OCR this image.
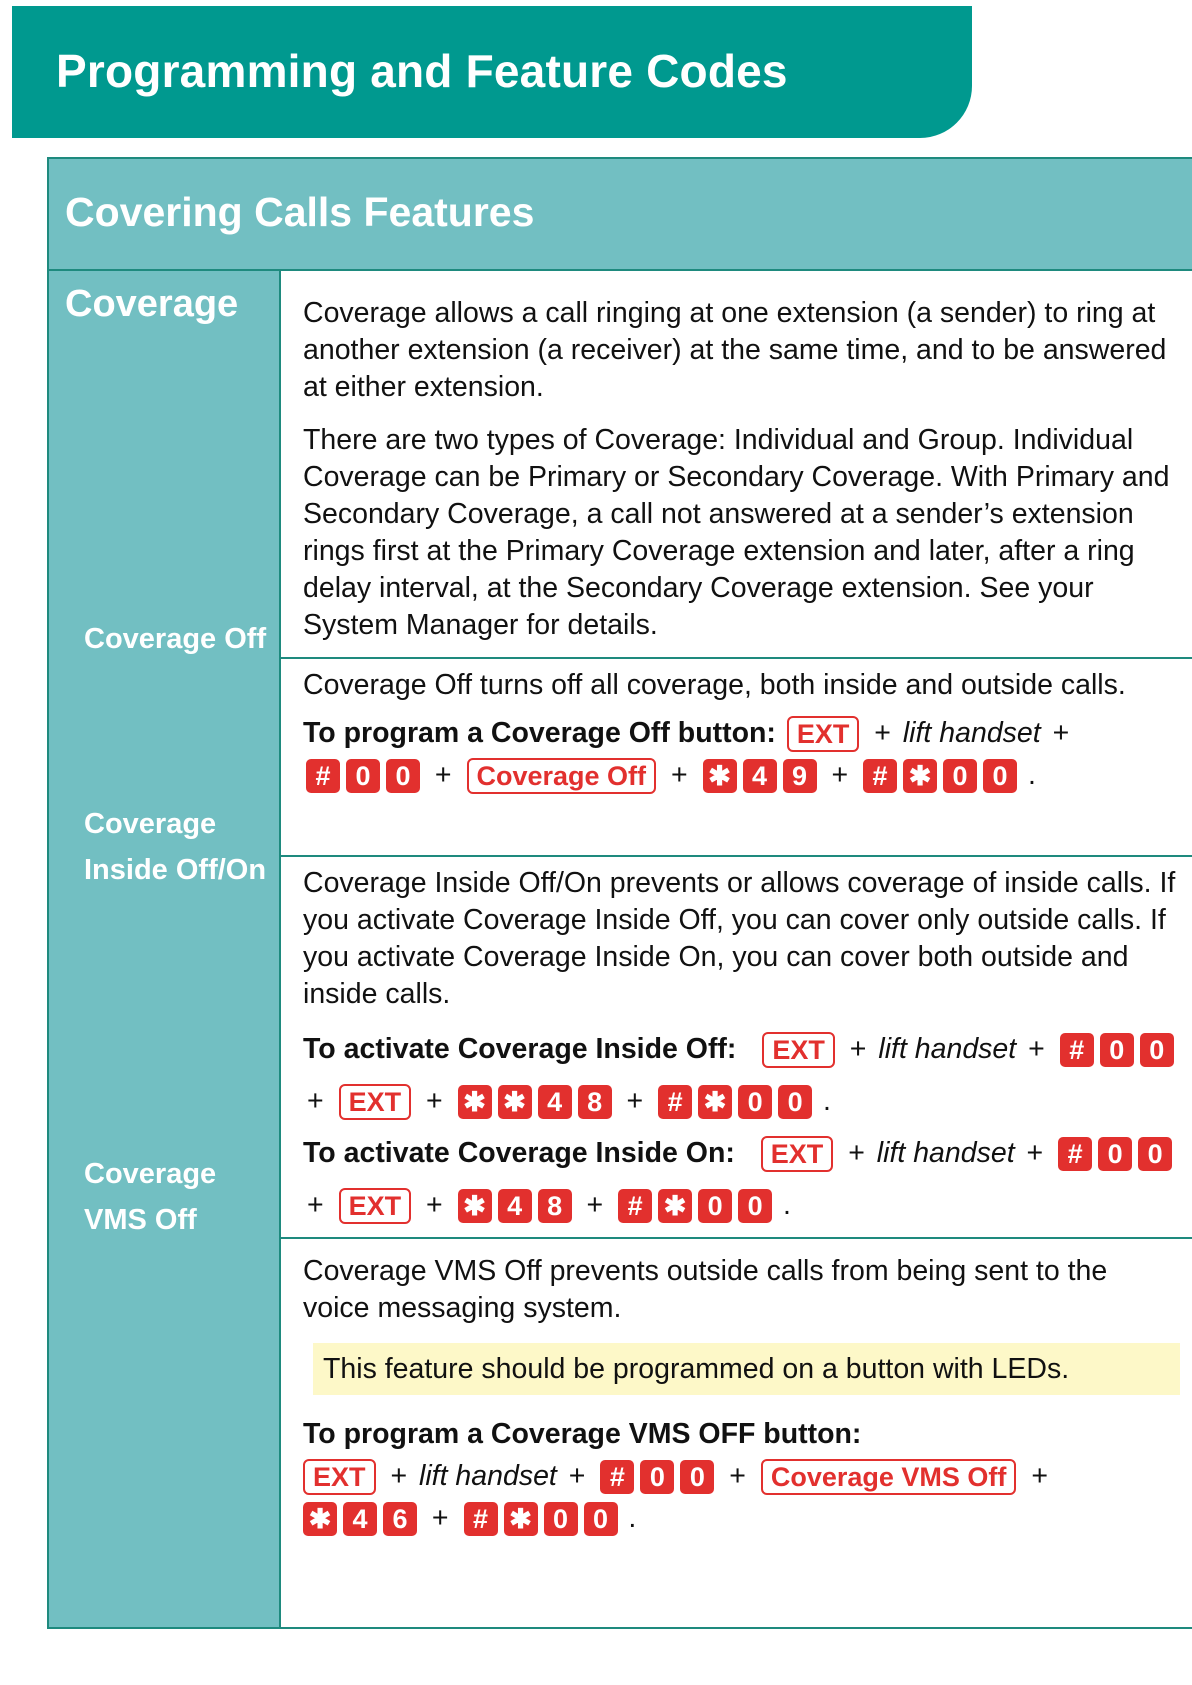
Programming and Feature Codes
Covering Calls Features
Coverage
Coverage Off
Coverage
Inside Off/On
Coverage
VMS Off

Coverage allows a call ringing at one extension (a sender) to ring at another extension (a receiver) at the same time, and to be answered at either extension.

There are two types of Coverage: Individual and Group. Individual Coverage can be Primary or Secondary Coverage. With Primary and Secondary Coverage, a call not answered at a sender’s extension rings first at the Primary Coverage extension and later, after a ring delay interval, at the Secondary Coverage extension. See your System Manager for details.

Coverage Off turns off all coverage, both inside and outside calls.

To program a Coverage Off button: EXT + lift handset +
# 0 0 + Coverage Off + ✱ 4 9 + # ✱ 0 0 .

Coverage Inside Off/On prevents or allows coverage of inside calls. If you activate Coverage Inside Off, you can cover only outside calls. If you activate Coverage Inside On, you can cover both outside and inside calls.

To activate Coverage Inside Off: EXT + lift handset + # 0 0
+ EXT + ✱ ✱ 4 8 + # ✱ 0 0 .
To activate Coverage Inside On: EXT + lift handset + # 0 0
+ EXT + ✱ 4 8 + # ✱ 0 0 .

Coverage VMS Off prevents outside calls from being sent to the voice messaging system.

This feature should be programmed on a button with LEDs.
To program a Coverage VMS OFF button:
EXT + lift handset + # 0 0 + Coverage VMS Off +
✱ 4 6 + # ✱ 0 0 .
